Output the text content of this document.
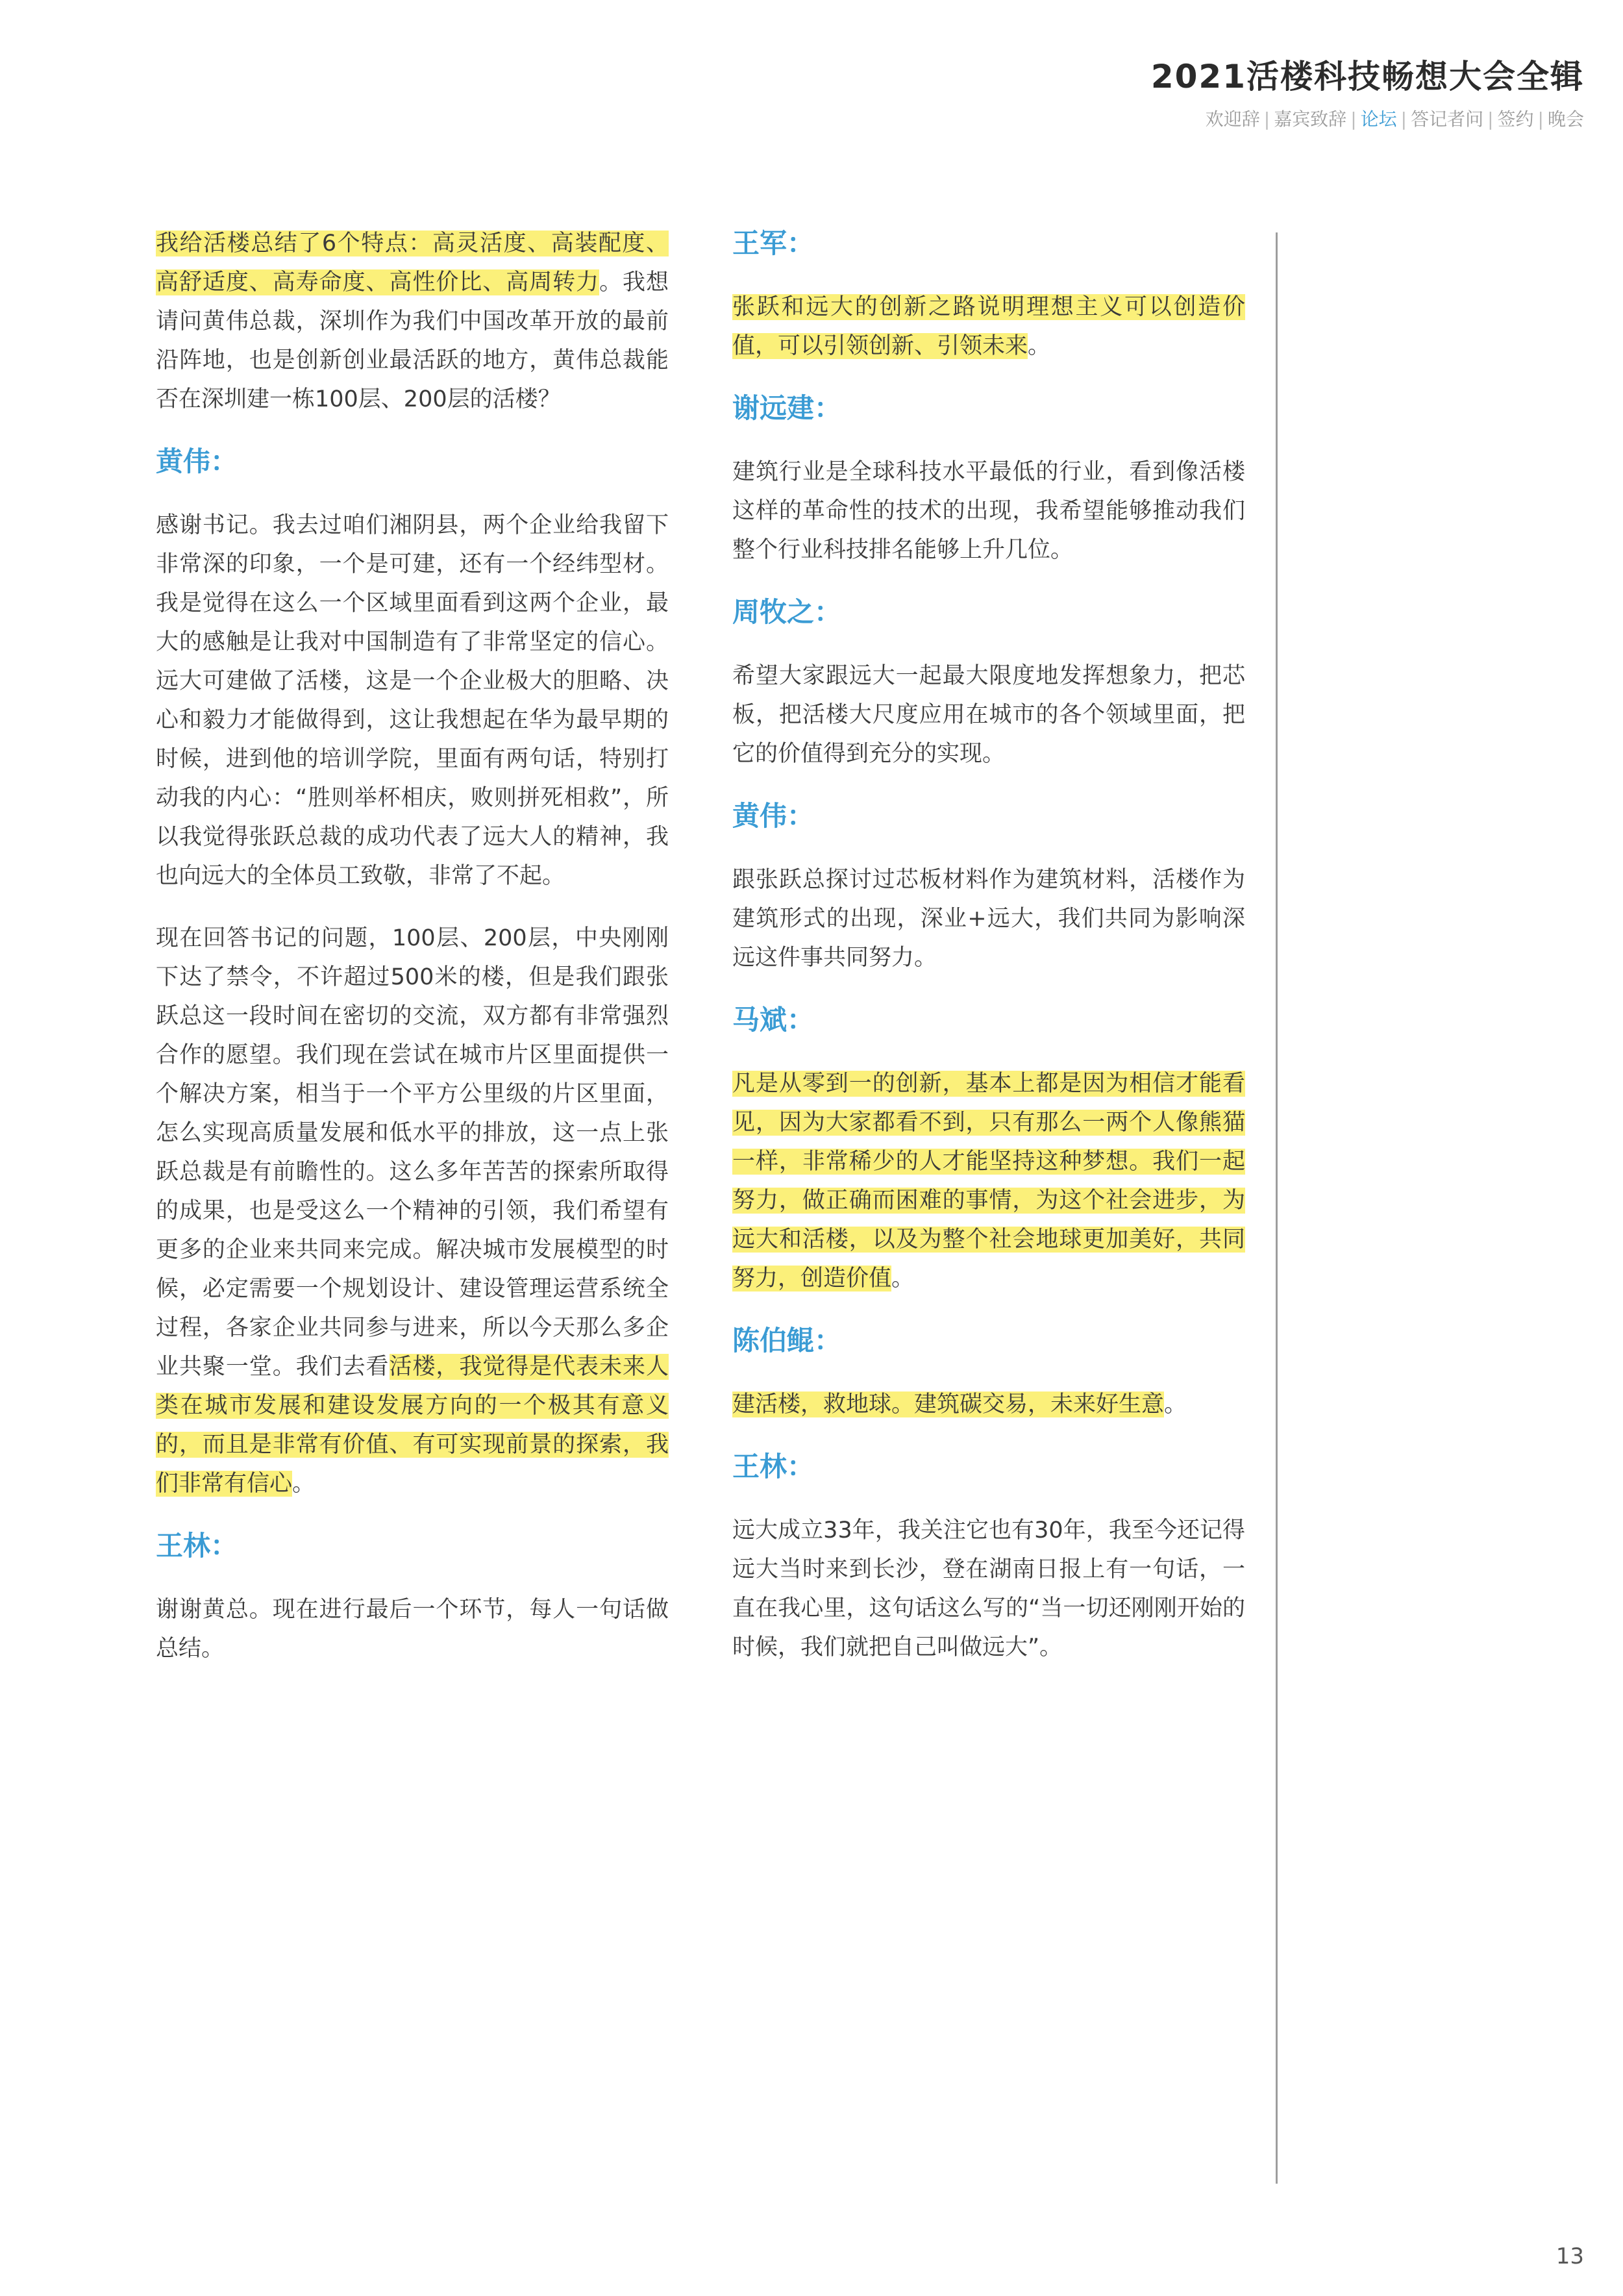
2021活楼科技畅想大会全辑
欢迎辞 | 嘉宾致辞 | 论坛 | 答记者问 | 签约 | 晚会
我给活楼总结了6个特点：高灵活度、高装配度、高舒适度、高寿命度、高性价比、高周转力。我想请问黄伟总裁，深圳作为我们中国改革开放的最前沿阵地，也是创新创业最活跃的地方，黄伟总裁能否在深圳建一栋100层、200层的活楼？
黄伟：
感谢书记。我去过咱们湘阴县，两个企业给我留下非常深的印象，一个是可建，还有一个经纬型材。我是觉得在这么一个区域里面看到这两个企业，最大的感触是让我对中国制造有了非常坚定的信心。远大可建做了活楼，这是一个企业极大的胆略、决心和毅力才能做得到，这让我想起在华为最早期的时候，进到他的培训学院，里面有两句话，特别打动我的内心：“胜则举杯相庆，败则拼死相救”，所以我觉得张跃总裁的成功代表了远大人的精神，我也向远大的全体员工致敬，非常了不起。
现在回答书记的问题，100层、200层，中央刚刚下达了禁令，不许超过500米的楼，但是我们跟张跃总这一段时间在密切的交流，双方都有非常强烈合作的愿望。我们现在尝试在城市片区里面提供一个解决方案，相当于一个平方公里级的片区里面，怎么实现高质量发展和低水平的排放，这一点上张跃总裁是有前瞻性的。这么多年苦苦的探索所取得的成果，也是受这么一个精神的引领，我们希望有更多的企业来共同来完成。解决城市发展模型的时候，必定需要一个规划设计、建设管理运营系统全过程，各家企业共同参与进来，所以今天那么多企业共聚一堂。我们去看活楼，我觉得是代表未来人类在城市发展和建设发展方向的一个极其有意义的，而且是非常有价值、有可实现前景的探索，我们非常有信心。
王林：
谢谢黄总。现在进行最后一个环节，每人一句话做总结。
王军：
张跃和远大的创新之路说明理想主义可以创造价值，可以引领创新、引领未来。
谢远建：
建筑行业是全球科技水平最低的行业，看到像活楼这样的革命性的技术的出现，我希望能够推动我们整个行业科技排名能够上升几位。
周牧之：
希望大家跟远大一起最大限度地发挥想象力，把芯板，把活楼大尺度应用在城市的各个领域里面，把它的价值得到充分的实现。
黄伟：
跟张跃总探讨过芯板材料作为建筑材料，活楼作为建筑形式的出现，深业+远大，我们共同为影响深远这件事共同努力。
马斌：
凡是从零到一的创新，基本上都是因为相信才能看见，因为大家都看不到，只有那么一两个人像熊猫一样，非常稀少的人才能坚持这种梦想。我们一起努力，做正确而困难的事情，为这个社会进步，为远大和活楼，以及为整个社会地球更加美好，共同努力，创造价值。
陈伯鲲：
建活楼，救地球。建筑碳交易，未来好生意。
王林：
远大成立33年，我关注它也有30年，我至今还记得远大当时来到长沙，登在湖南日报上有一句话，一直在我心里，这句话这么写的“当一切还刚刚开始的时候，我们就把自己叫做远大”。
13
